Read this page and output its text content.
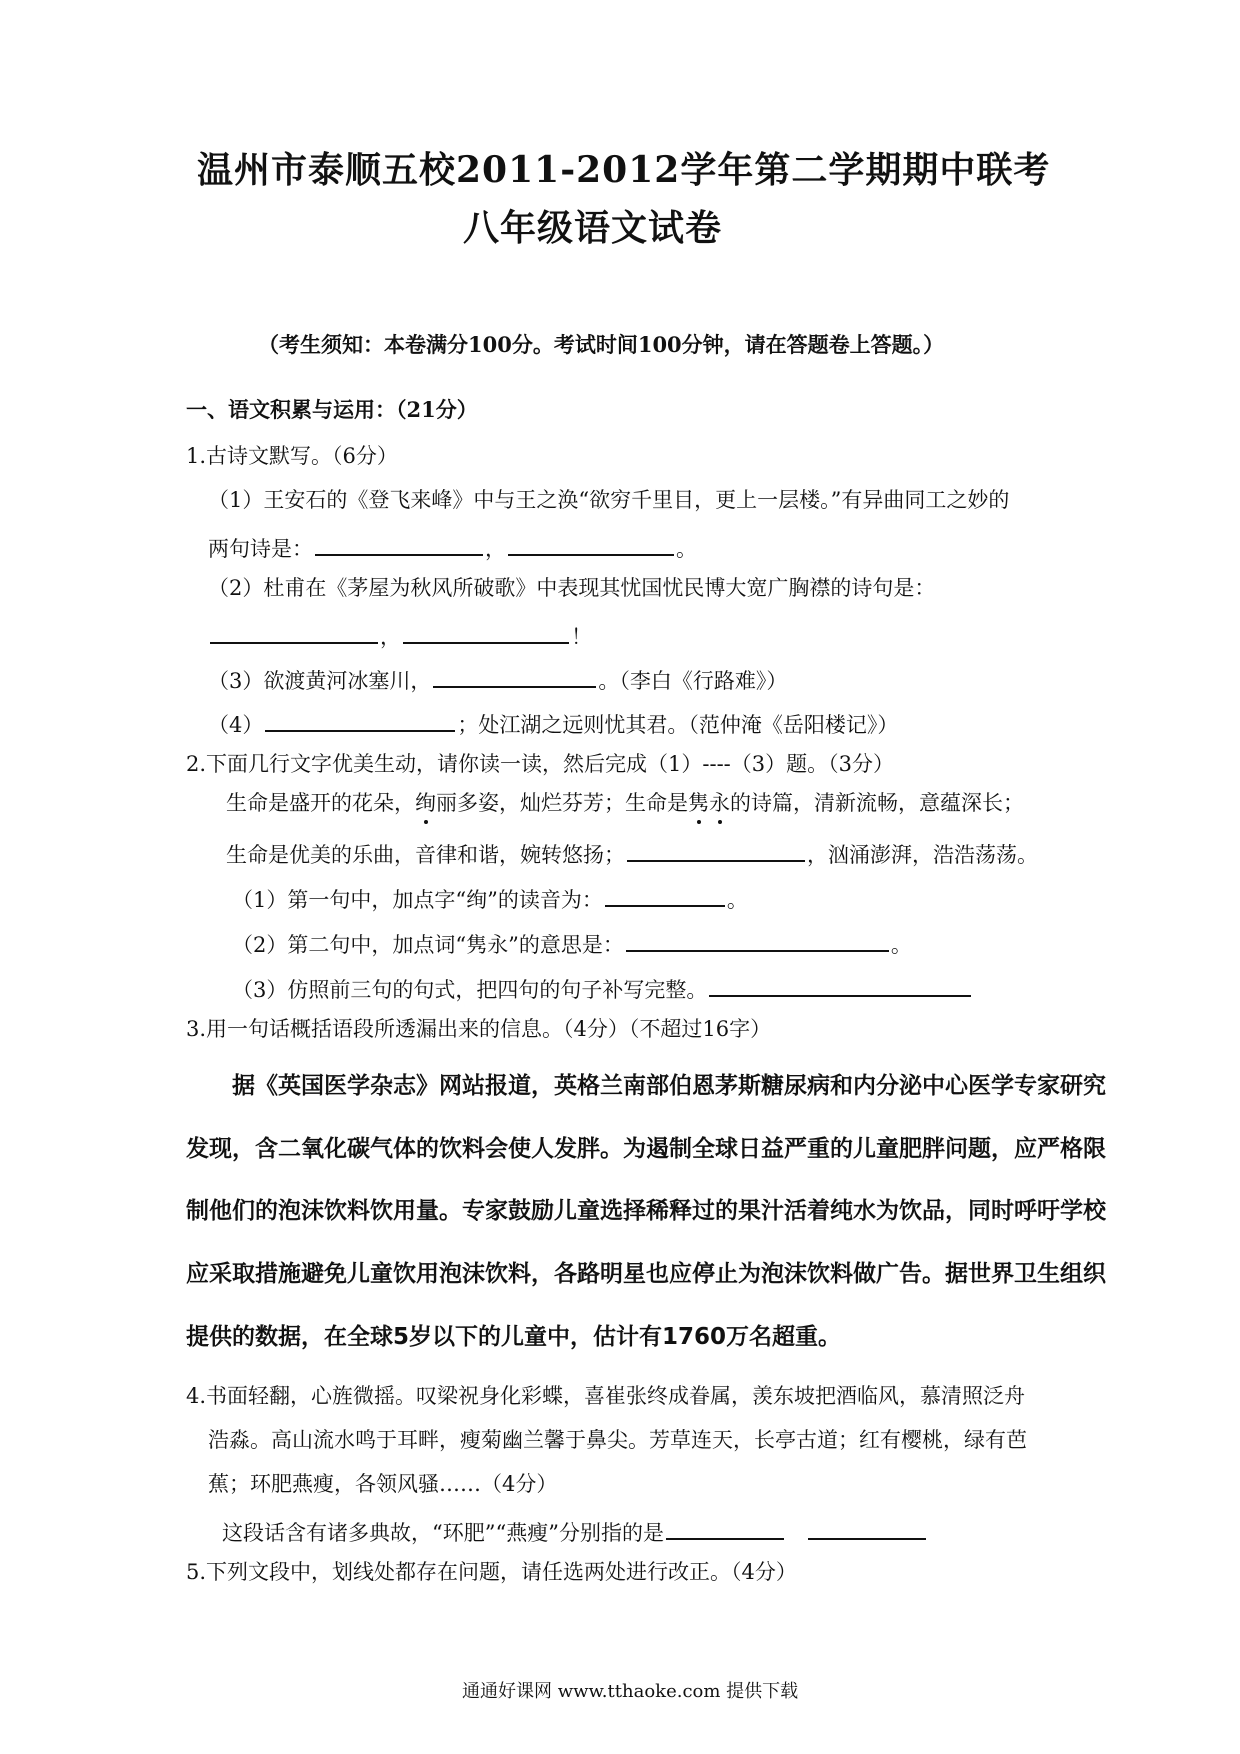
温州市泰顺五校2011-2012学年第二学期期中联考
八年级语文试卷
（考生须知：本卷满分100分。考试时间100分钟，请在答题卷上答题。）
一、语文积累与运用：（21分）
1.古诗文默写。（6分）
（1）王安石的《登飞来峰》中与王之涣“欲穷千里目，更上一层楼。”有异曲同工之妙的
两句诗是：	，	。
（2）杜甫在《茅屋为秋风所破歌》中表现其忧国忧民博大宽广胸襟的诗句是：
，	！
（3）欲渡黄河冰塞川，	。（李白《行路难》）
（4）	；处江湖之远则忧其君。（范仲淹《岳阳楼记》）
2.下面几行文字优美生动，请你读一读，然后完成（1）----（3）题。（3分）
生命是盛开的花朵，绚丽多姿，灿烂芬芳；生命是隽永的诗篇，清新流畅，意蕴深长；
生命是优美的乐曲，音律和谐，婉转悠扬；	，汹涌澎湃，浩浩荡荡。
（1）第一句中，加点字“绚”的读音为：	。
（2）第二句中，加点词“隽永”的意思是：	。
（3）仿照前三句的句式，把四句的句子补写完整。
3.用一句话概括语段所透漏出来的信息。（4分）（不超过16字）
据《英国医学杂志》网站报道，英格兰南部伯恩茅斯糖尿病和内分泌中心医学专家研究
发现，含二氧化碳气体的饮料会使人发胖。为遏制全球日益严重的儿童肥胖问题，应严格限
制他们的泡沫饮料饮用量。专家鼓励儿童选择稀释过的果汁活着纯水为饮品，同时呼吁学校
应采取措施避免儿童饮用泡沫饮料，各路明星也应停止为泡沫饮料做广告。据世界卫生组织
提供的数据，在全球5岁以下的儿童中，估计有1760万名超重。
4.书面轻翻，心旌微摇。叹梁祝身化彩蝶，喜崔张终成眷属，羡东坡把酒临风，慕清照泛舟
浩淼。高山流水鸣于耳畔，瘦菊幽兰馨于鼻尖。芳草连天，长亭古道；红有樱桃，绿有芭
蕉；环肥燕瘦，各领风骚……（4分）
这段话含有诸多典故，“环肥”“燕瘦”分别指的是
5.下列文段中，划线处都存在问题，请任选两处进行改正。（4分）
通通好课网 www.tthaoke.com 提供下载
